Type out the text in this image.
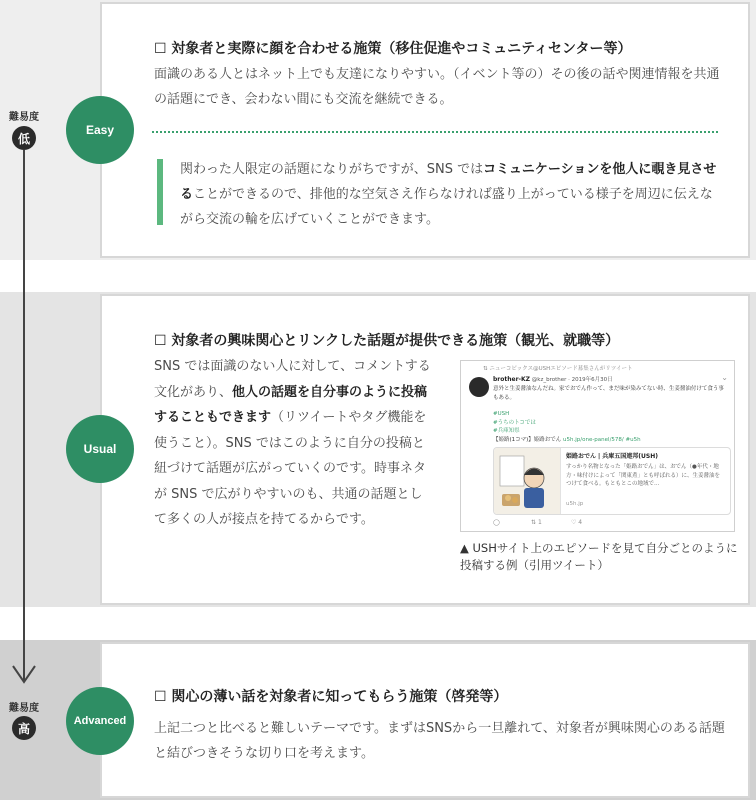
難易度
低
難易度
高
Easy
☐ 対象者と実際に顔を合わせる施策（移住促進やコミュニティセンター等）
面識のある人とはネット上でも友達になりやすい。（イベント等の）その後の話や関連情報を共通の話題にでき、会わない間にも交流を継続できる。
関わった人限定の話題になりがちですが、SNS ではコミュニケーションを他人に覗き見させることができるので、排他的な空気さえ作らなければ盛り上がっている様子を周辺に伝えながら交流の輪を広げていくことができます。
Usual
☐ 対象者の興味関心とリンクした話題が提供できる施策（観光、就職等）
SNS では面識のない人に対して、コメントする文化があり、他人の話題を自分事のように投稿することもできます（リツイートやタグ機能を使うこと）。SNS ではこのように自分の投稿と紐づけて話題が広がっていくのです。時事ネタが SNS で広がりやすいのも、共通の話題として多くの人が接点を持てるからです。
⇅ ニューコピックス@USHエピソード募集さんがリツイート
brother-KZ @kz_brother · 2019年6月30日	⌄
意外と生姜醤油なんだね。家でおでん作って、まだ味が染みてない時、生姜醤油付けて食う事もある。
#USH
#うちのトコでは
#兵庫知県
【姫路(1コマ)】姫路おでん u5h.jp/one-panel/578/ #u5h
姫路おでん | 兵庫五国連邦(USH)
すっかり名物となった「姫路おでん」は、おでん（●年代・地方・味付けによって「関東煮」とも呼ばれる）に、生姜醤油をつけて食べる。もともとこの地域で…
u5h.jp
◯	⇅ 1	♡ 4
▲ USHサイト上のエピソードを見て自分ごとのように投稿する例（引用ツイート）
Advanced
☐ 関心の薄い話を対象者に知ってもらう施策（啓発等）
上記二つと比べると難しいテーマです。まずはSNSから一旦離れて、対象者が興味関心のある話題と結びつきそうな切り口を考えます。
